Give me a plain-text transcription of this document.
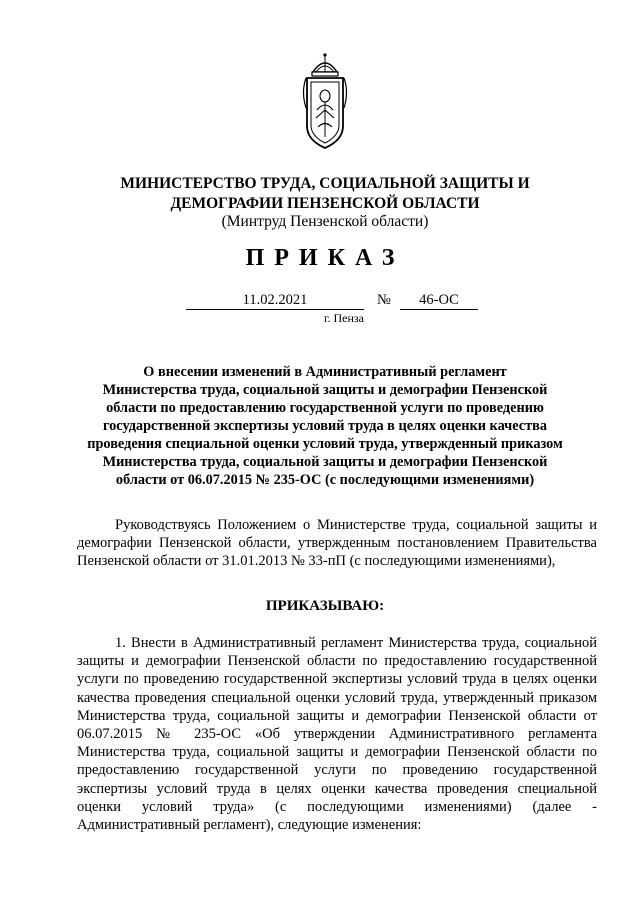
МИНИСТЕРСТВО ТРУДА, СОЦИАЛЬНОЙ ЗАЩИТЫ И
ДЕМОГРАФИИ ПЕНЗЕНСКОЙ ОБЛАСТИ
(Минтруд Пензенской области)
ПРИКАЗ
11.02.2021	№	46-ОС
г. Пенза
О внесении изменений в Административный регламент
Министерства труда, социальной защиты и демографии Пензенской
области по предоставлению государственной услуги по проведению
государственной экспертизы условий труда в целях оценки качества
проведения специальной оценки условий труда, утвержденный приказом
Министерства труда, социальной защиты и демографии Пензенской
области от 06.07.2015 № 235-ОС (с последующими изменениями)
Руководствуясь Положением о Министерстве труда, социальной защиты и демографии Пензенской области, утвержденным постановлением Правительства Пензенской области от 31.01.2013 № 33-пП (с последующими изменениями),
ПРИКАЗЫВАЮ:
1. Внести в Административный регламент Министерства труда, социальной защиты и демографии Пензенской области по предоставлению государственной услуги по проведению государственной экспертизы условий труда в целях оценки качества проведения специальной оценки условий труда, утвержденный приказом Министерства труда, социальной защиты и демографии Пензенской области от 06.07.2015 № 235-ОС «Об утверждении Административного регламента Министерства труда, социальной защиты и демографии Пензенской области по предоставлению государственной услуги по проведению государственной экспертизы условий труда в целях оценки качества проведения специальной оценки условий труда» (с последующими изменениями) (далее - Административный регламент), следующие изменения:
